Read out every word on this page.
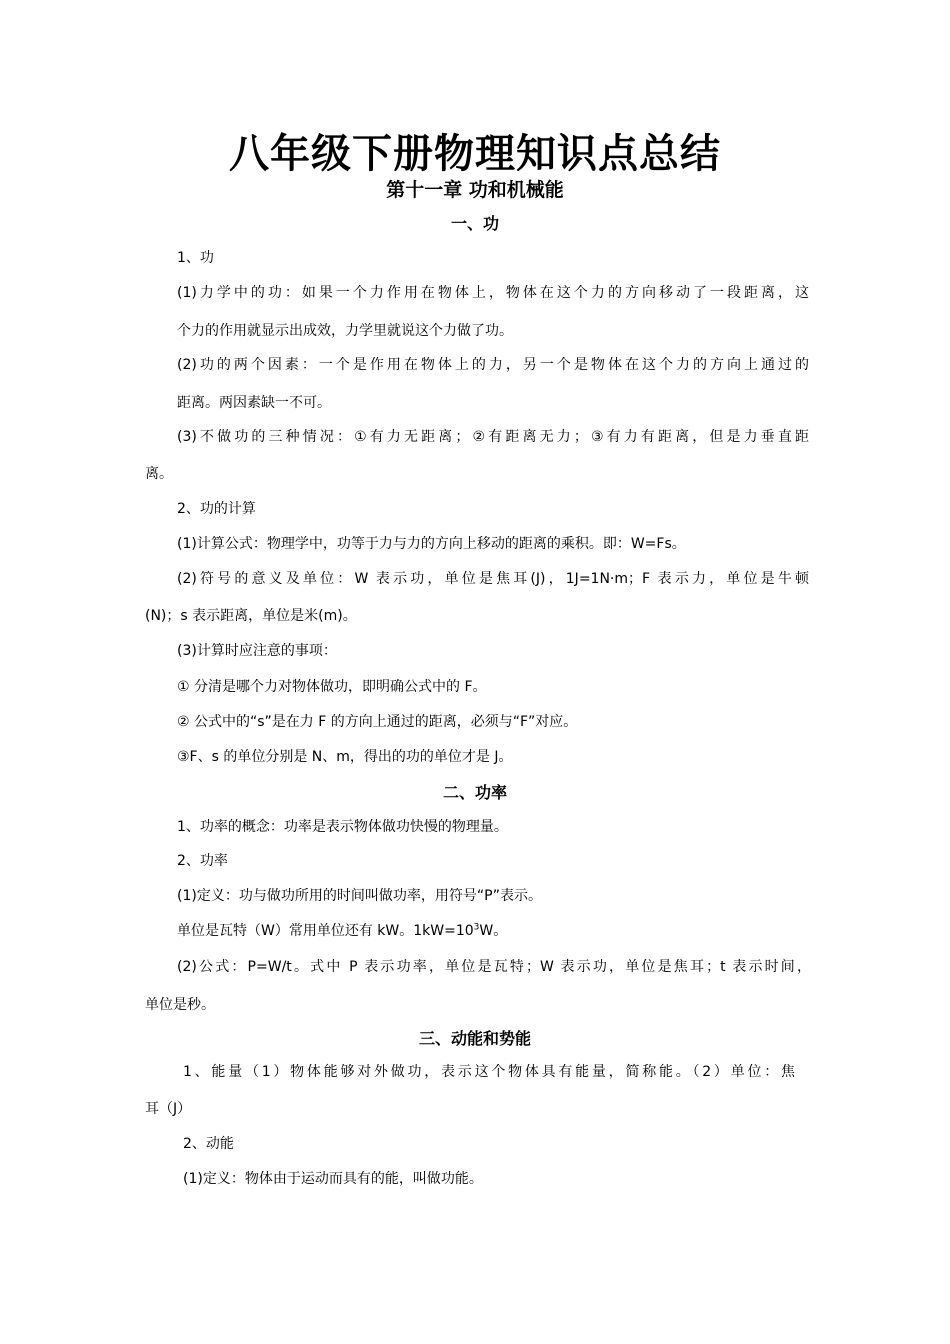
八年级下册物理知识点总结
第十一章 功和机械能
一、功
1、功
(1)力学中的功：如果一个力作用在物体上，物体在这个力的方向移动了一段距离，这
个力的作用就显示出成效，力学里就说这个力做了功。
(2)功的两个因素：一个是作用在物体上的力，另一个是物体在这个力的方向上通过的
距离。两因素缺一不可。
(3)不做功的三种情况：①有力无距离；②有距离无力；③有力有距离，但是力垂直距
离。
2、功的计算
(1)计算公式：物理学中，功等于力与力的方向上移动的距离的乘积。即：W=Fs。
(2)符号的意义及单位：W 表示功，单位是焦耳(J)，1J=1N·m；F 表示力，单位是牛顿
(N)；s 表示距离，单位是米(m)。
(3)计算时应注意的事项：
① 分清是哪个力对物体做功，即明确公式中的 F。
② 公式中的“s”是在力 F 的方向上通过的距离，必须与“F”对应。
③F、s 的单位分别是 N、m，得出的功的单位才是 J。
二、功率
1、功率的概念：功率是表示物体做功快慢的物理量。
2、功率
(1)定义：功与做功所用的时间叫做功率，用符号“P”表示。
单位是瓦特（W）常用单位还有 kW。$1kW=10^3W$。
(2)公式：P=W/t。式中 P 表示功率，单位是瓦特；W 表示功，单位是焦耳；t 表示时间，
单位是秒。
三、动能和势能
1、能量（1）物体能够对外做功，表示这个物体具有能量，简称能。（2）单位：焦
耳（J）
2、动能
(1)定义：物体由于运动而具有的能，叫做功能。
